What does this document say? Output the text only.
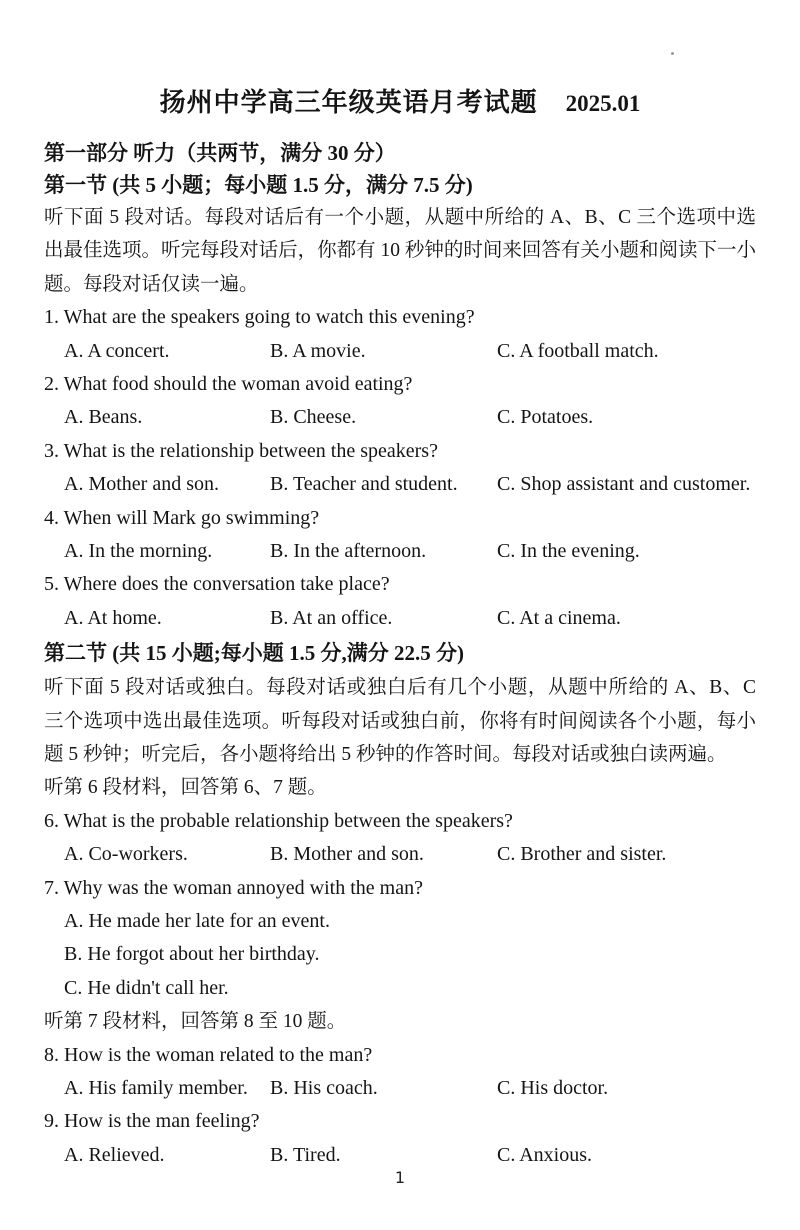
扬州中学高三年级英语月考试题 2025.01
第一部分 听力（共两节，满分 30 分）
第一节 (共 5 小题；每小题 1.5 分，满分 7.5 分)

听下面 5 段对话。每段对话后有一个小题，从题中所给的 A、B、C 三个选项中选出最佳选项。听完每段对话后，你都有 10 秒钟的时间来回答有关小题和阅读下一小题。每段对话仅读一遍。

1. What are the speakers going to watch this evening?
A. A concert.	B. A movie.	C. A football match.
2. What food should the woman avoid eating?
A. Beans.	B. Cheese.	C. Potatoes.
3. What is the relationship between the speakers?
A. Mother and son.	B. Teacher and student. C. Shop assistant and customer.
4. When will Mark go swimming?
A. In the morning.	B. In the afternoon.	C. In the evening.
5. Where does the conversation take place?
A. At home.	B. At an office.	C. At a cinema.
第二节 (共 15 小题;每小题 1.5 分,满分 22.5 分)

听下面 5 段对话或独白。每段对话或独白后有几个小题，从题中所给的 A、B、C 三个选项中选出最佳选项。听每段对话或独白前，你将有时间阅读各个小题，每小题 5 秒钟；听完后，各小题将给出 5 秒钟的作答时间。每段对话或独白读两遍。

听第 6 段材料，回答第 6、7 题。
6. What is the probable relationship between the speakers?
A. Co-workers.	B. Mother and son.	C. Brother and sister.
7. Why was the woman annoyed with the man?
A. He made her late for an event.
B. He forgot about her birthday.
C. He didn't call her.
听第 7 段材料，回答第 8 至 10 题。
8. How is the woman related to the man?
A. His family member. B. His coach.	C. His doctor.
9. How is the man feeling?
A. Relieved.	B. Tired.	C. Anxious.
1
